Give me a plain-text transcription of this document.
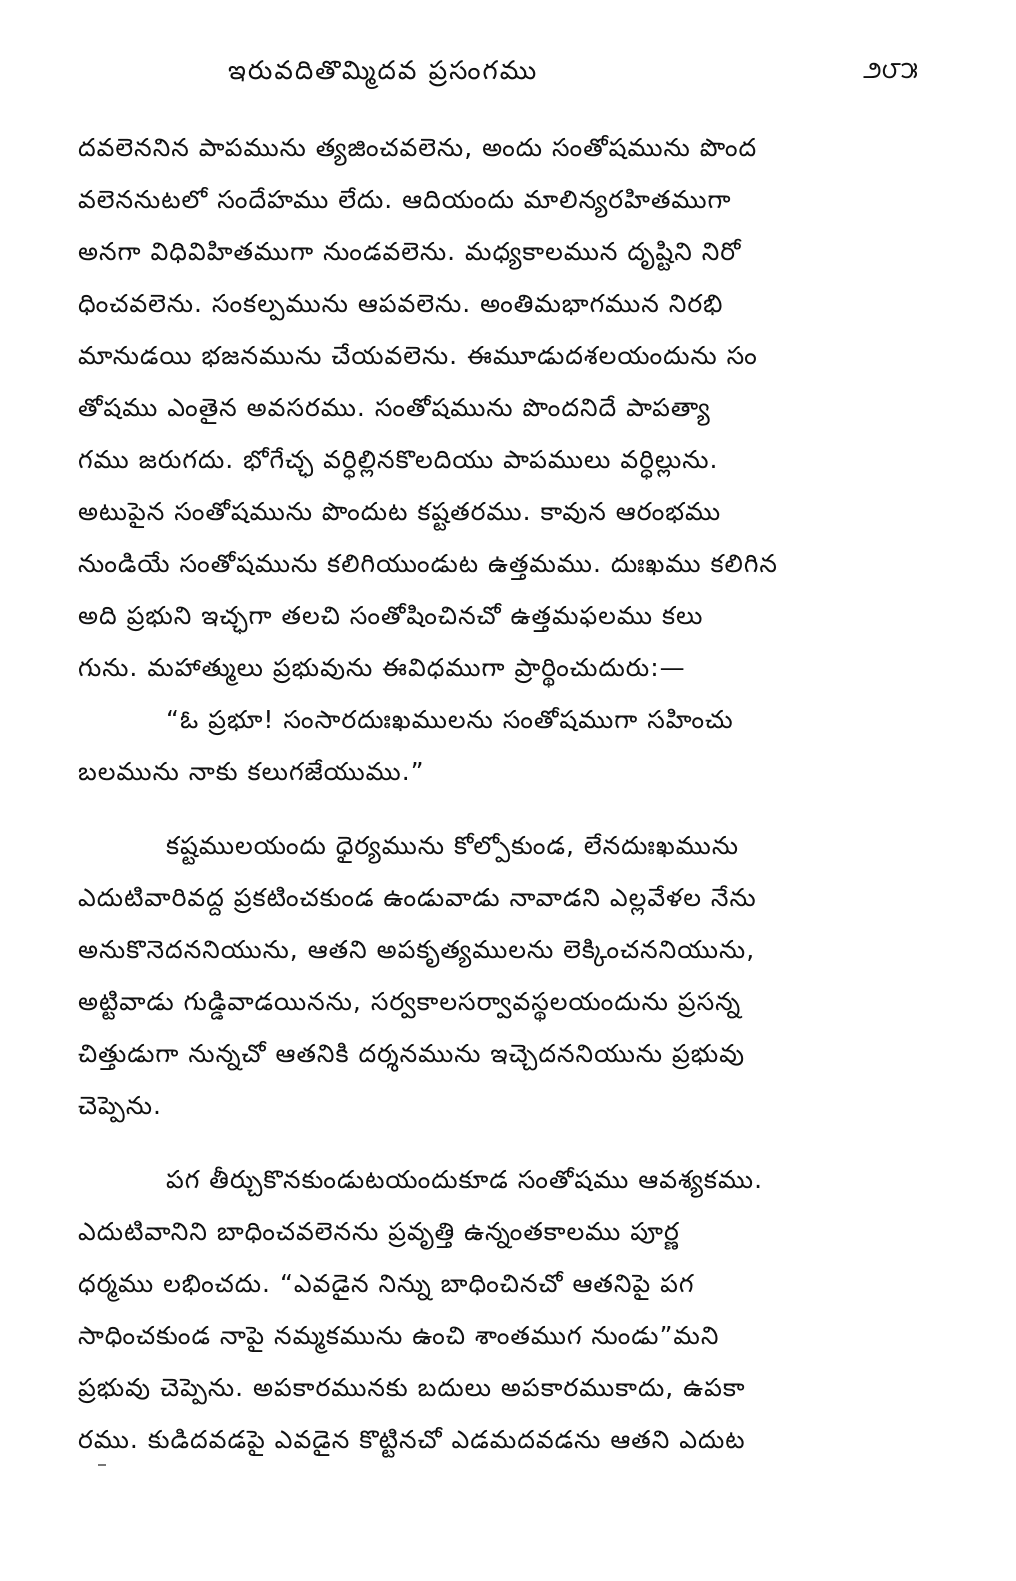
ఇరువదితొమ్మిదవ ప్రసంగము	౨౮౫

దవలెననిన పాపమును త్యజించవలెను, అందు సంతోషమును పొంద
వలెననుటలో సందేహము లేదు. ఆదియందు మాలిన్యరహితముగా
అనగా విధివిహితముగా నుండవలెను. మధ్యకాలమున దృష్టిని నిరో
ధించవలెను. సంకల్పమును ఆపవలెను. అంతిమభాగమున నిరభి
మానుడయి భజనమును చేయవలెను. ఈమూడుదశలయందును సం
తోషము ఎంతైన అవసరము. సంతోషమును పొందనిదే పాపత్యా
గము జరుగదు. భోగేచ్ఛ వర్ధిల్లినకొలదియు పాపములు వర్ధిల్లును.
అటుపైన సంతోషమును పొందుట కష్టతరము. కావున ఆరంభము
నుండియే సంతోషమును కలిగియుండుట ఉత్తమము. దుఃఖము కలిగిన
అది ప్రభుని ఇచ్ఛగా తలచి సంతోషించినచో ఉత్తమఫలము కలు
గును. మహాత్ములు ప్రభువును ఈవిధముగా ప్రార్థించుదురు:—

“ఓ ప్రభూ! సంసారదుఃఖములను సంతోషముగా సహించు
బలమును నాకు కలుగజేయుము.”

కష్టములయందు ధైర్యమును కోల్పోకుండ, లేనదుఃఖమును
ఎదుటివారివద్ద ప్రకటించకుండ ఉండువాడు నావాడని ఎల్లవేళల నేను
అనుకొనెదననియును, ఆతని అపకృత్యములను లెక్కించననియును,
అట్టివాడు గుడ్డివాడయినను, సర్వకాలసర్వావస్థలయందును ప్రసన్న
చిత్తుడుగా నున్నచో ఆతనికి దర్శనమును ఇచ్చెదననియును ప్రభువు
చెప్పెను.

పగ తీర్చుకొనకుండుటయందుకూడ సంతోషము ఆవశ్యకము.
ఎదుటివానిని బాధించవలెనను ప్రవృత్తి ఉన్నంతకాలము పూర్ణ
ధర్మము లభించదు. “ఎవడైన నిన్ను బాధించినచో ఆతనిపై పగ
సాధించకుండ నాపై నమ్మకమును ఉంచి శాంతముగ నుండు”మని
ప్రభువు చెప్పెను. అపకారమునకు బదులు అపకారముకాదు, ఉపకా
రము. కుడిదవడపై ఎవడైన కొట్టినచో ఎడమదవడను ఆతని ఎదుట
